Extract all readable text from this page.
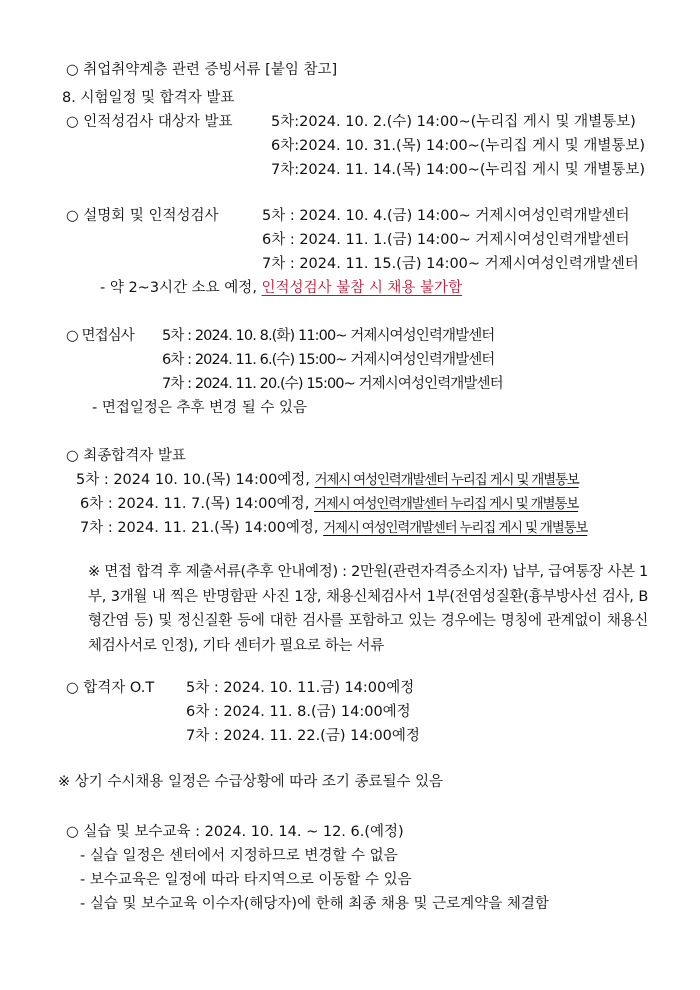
○ 취업취약계층 관련 증빙서류 [붙임 참고]
8. 시험일정 및 합격자 발표
○ 인적성검사 대상자 발표	5차:2024. 10. 2.(수) 14:00~(누리집 게시 및 개별통보)
6차:2024. 10. 31.(목) 14:00~(누리집 게시 및 개별통보)
7차:2024. 11. 14.(목) 14:00~(누리집 게시 및 개별통보)
○ 설명회 및 인적성검사	5차 : 2024. 10. 4.(금) 14:00~ 거제시여성인력개발센터
6차 : 2024. 11. 1.(금) 14:00~ 거제시여성인력개발센터
7차 : 2024. 11. 15.(금) 14:00~ 거제시여성인력개발센터
- 약 2~3시간 소요 예정, 인적성검사 불참 시 채용 불가함
○ 면접심사 5차 : 2024. 10. 8.(화) 11:00~ 거제시여성인력개발센터
6차 : 2024. 11. 6.(수) 15:00~ 거제시여성인력개발센터
7차 : 2024. 11. 20.(수) 15:00~ 거제시여성인력개발센터
- 면접일정은 추후 변경 될 수 있음
○ 최종합격자 발표
5차 : 2024 10. 10.(목) 14:00예정, 거제시 여성인력개발센터 누리집 게시 및 개별통보
6차 : 2024. 11. 7.(목) 14:00예정, 거제시 여성인력개발센터 누리집 게시 및 개별통보
7차 : 2024. 11. 21.(목) 14:00예정, 거제시 여성인력개발센터 누리집 게시 및 개별통보
※ 면접 합격 후 제출서류(추후 안내예정) : 2만원(관련자격증소지자) 납부, 급여통장 사본 1부, 3개월 내 찍은 반명함판 사진 1장, 채용신체검사서 1부(전염성질환(흉부방사선 검사, B형간염 등) 및 정신질환 등에 대한 검사를 포함하고 있는 경우에는 명칭에 관계없이 채용신체검사서로 인정), 기타 센터가 필요로 하는 서류
○ 합격자 O.T 5차 : 2024. 10. 11.금) 14:00예정
6차 : 2024. 11. 8.(금) 14:00예정
7차 : 2024. 11. 22.(금) 14:00예정
※ 상기 수시채용 일정은 수급상황에 따라 조기 종료될수 있음
○ 실습 및 보수교육 : 2024. 10. 14. ~ 12. 6.(예정)
- 실습 일정은 센터에서 지정하므로 변경할 수 없음
- 보수교육은 일정에 따라 타지역으로 이동할 수 있음
- 실습 및 보수교육 이수자(해당자)에 한해 최종 채용 및 근로계약을 체결함
